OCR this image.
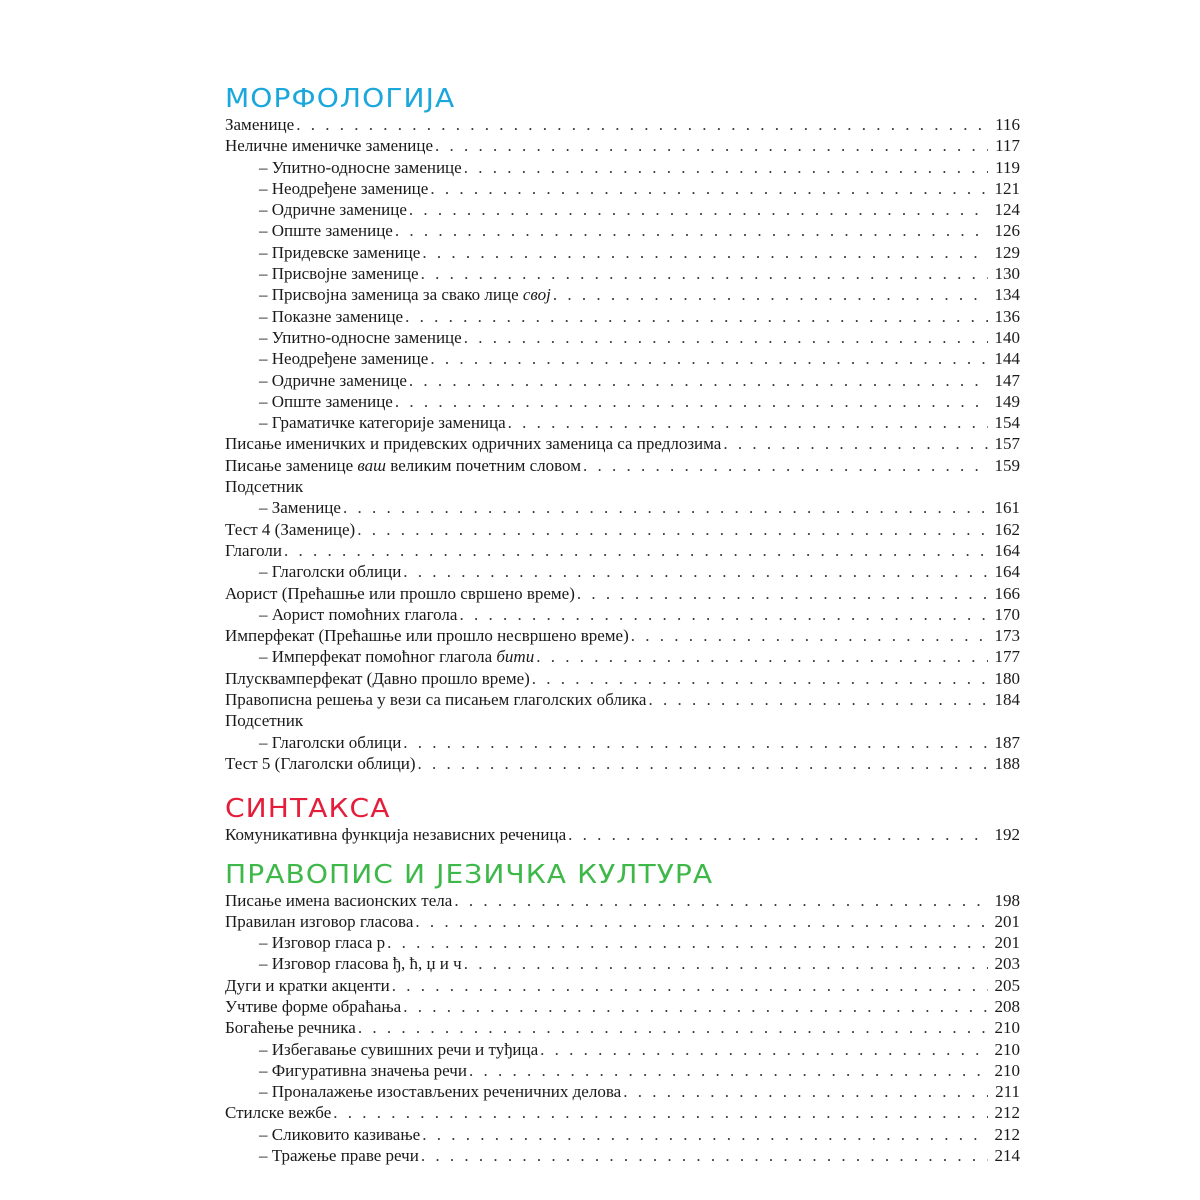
МОРФОЛОГИЈА
Заменице . . .	116
Неличне именичке заменице . . .	117
– Упитно-односне заменице . . .	119
– Неодређене заменице . . .	121
– Одричне заменице . . .	124
– Опште заменице . . .	126
– Придевске заменице . . .	129
– Присвојне заменице . . .	130
– Присвојна заменица за свако лице свој . . .	134
– Показне заменице . . .	136
– Упитно-односне заменице . . .	140
– Неодређене заменице . . .	144
– Одричне заменице . . .	147
– Опште заменице . . .	149
– Граматичке категорије заменица . . .	154
Писање именичких и придевских одричних заменица са предлозима . . .	157
Писање заменице ваш великим почетним словом . . .	159
Подсетник
– Заменице . . .	161
Тест 4 (Заменице) . . .	162
Глаголи . . .	164
– Глаголски облици . . .	164
Аорист (Прећашње или прошло свршено време) . . .	166
– Аорист помоћних глагола . . .	170
Имперфекат (Прећашње или прошло несвршено време) . . .	173
– Имперфекат помоћног глагола бити . . .	177
Плусквамперфекат (Давно прошло време) . . .	180
Правописна решења у вези са писањем глаголских облика . . .	184
Подсетник
– Глаголски облици . . .	187
Тест 5 (Глаголски облици) . . .	188
СИНТАКСА
Комуникативна функција независних реченица . . .	192
ПРАВОПИС И ЈЕЗИЧКА КУЛТУРА
Писање имена васионских тела . . .	198
Правилан изговор гласова . . .	201
– Изговор гласа р . . .	201
– Изговор гласова ђ, ћ, џ и ч . . .	203
Дуги и кратки акценти . . .	205
Учтиве форме обраћања . . .	208
Богаћење речника . . .	210
– Избегавање сувишних речи и туђица . . .	210
– Фигуративна значења речи . . .	210
– Проналажење изостављених реченичних делова . . .	211
Стилске вежбе . . .	212
– Сликовито казивање . . .	212
– Тражење праве речи . . .	214
